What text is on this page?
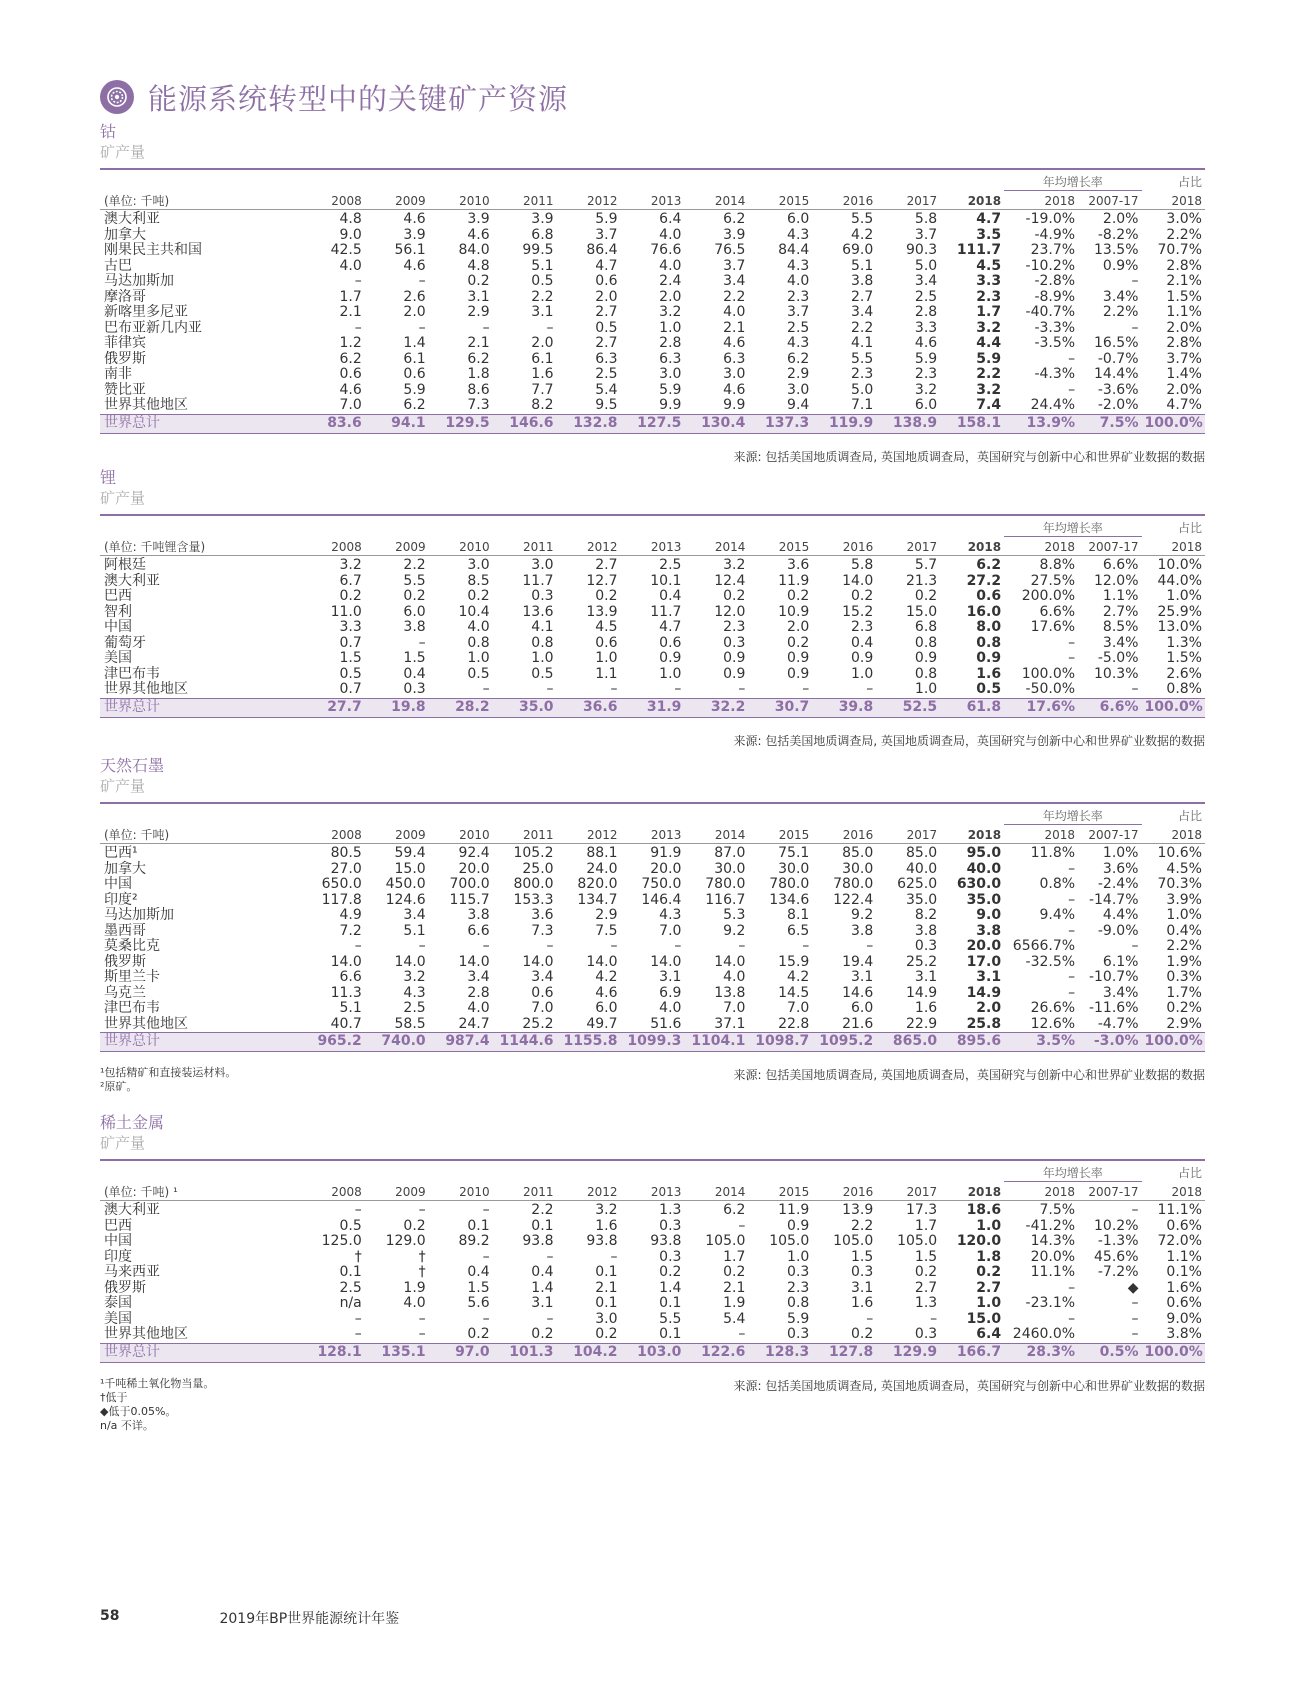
能源系统转型中的关键矿产资源
钴
矿产量
												年均增长率		占比
(单位: 千吨)	2008	2009	2010	2011	2012	2013	2014	2015	2016	2017	2018	2018	2007-17	2018
澳大利亚	4.8	4.6	3.9	3.9	5.9	6.4	6.2	6.0	5.5	5.8	4.7	-19.0%	2.0%	3.0%
加拿大	9.0	3.9	4.6	6.8	3.7	4.0	3.9	4.3	4.2	3.7	3.5	-4.9%	-8.2%	2.2%
刚果民主共和国	42.5	56.1	84.0	99.5	86.4	76.6	76.5	84.4	69.0	90.3	111.7	23.7%	13.5%	70.7%
古巴	4.0	4.6	4.8	5.1	4.7	4.0	3.7	4.3	5.1	5.0	4.5	-10.2%	0.9%	2.8%
马达加斯加	–	–	0.2	0.5	0.6	2.4	3.4	4.0	3.8	3.4	3.3	-2.8%	–	2.1%
摩洛哥	1.7	2.6	3.1	2.2	2.0	2.0	2.2	2.3	2.7	2.5	2.3	-8.9%	3.4%	1.5%
新喀里多尼亚	2.1	2.0	2.9	3.1	2.7	3.2	4.0	3.7	3.4	2.8	1.7	-40.7%	2.2%	1.1%
巴布亚新几内亚	–	–	–	–	0.5	1.0	2.1	2.5	2.2	3.3	3.2	-3.3%	–	2.0%
菲律宾	1.2	1.4	2.1	2.0	2.7	2.8	4.6	4.3	4.1	4.6	4.4	-3.5%	16.5%	2.8%
俄罗斯	6.2	6.1	6.2	6.1	6.3	6.3	6.3	6.2	5.5	5.9	5.9	–	-0.7%	3.7%
南非	0.6	0.6	1.8	1.6	2.5	3.0	3.0	2.9	2.3	2.3	2.2	-4.3%	14.4%	1.4%
赞比亚	4.6	5.9	8.6	7.7	5.4	5.9	4.6	3.0	5.0	3.2	3.2	–	-3.6%	2.0%
世界其他地区	7.0	6.2	7.3	8.2	9.5	9.9	9.9	9.4	7.1	6.0	7.4	24.4%	-2.0%	4.7%
世界总计	83.6	94.1	129.5	146.6	132.8	127.5	130.4	137.3	119.9	138.9	158.1	13.9%	7.5%	100.0%
来源: 包括美国地质调查局, 英国地质调查局，英国研究与创新中心和世界矿业数据的数据
锂
矿产量
												年均增长率		占比
(单位: 千吨锂含量)	2008	2009	2010	2011	2012	2013	2014	2015	2016	2017	2018	2018	2007-17	2018
阿根廷	3.2	2.2	3.0	3.0	2.7	2.5	3.2	3.6	5.8	5.7	6.2	8.8%	6.6%	10.0%
澳大利亚	6.7	5.5	8.5	11.7	12.7	10.1	12.4	11.9	14.0	21.3	27.2	27.5%	12.0%	44.0%
巴西	0.2	0.2	0.2	0.3	0.2	0.4	0.2	0.2	0.2	0.2	0.6	200.0%	1.1%	1.0%
智利	11.0	6.0	10.4	13.6	13.9	11.7	12.0	10.9	15.2	15.0	16.0	6.6%	2.7%	25.9%
中国	3.3	3.8	4.0	4.1	4.5	4.7	2.3	2.0	2.3	6.8	8.0	17.6%	8.5%	13.0%
葡萄牙	0.7	–	0.8	0.8	0.6	0.6	0.3	0.2	0.4	0.8	0.8	–	3.4%	1.3%
美国	1.5	1.5	1.0	1.0	1.0	0.9	0.9	0.9	0.9	0.9	0.9	–	-5.0%	1.5%
津巴布韦	0.5	0.4	0.5	0.5	1.1	1.0	0.9	0.9	1.0	0.8	1.6	100.0%	10.3%	2.6%
世界其他地区	0.7	0.3	–	–	–	–	–	–	–	1.0	0.5	-50.0%	–	0.8%
世界总计	27.7	19.8	28.2	35.0	36.6	31.9	32.2	30.7	39.8	52.5	61.8	17.6%	6.6%	100.0%
来源: 包括美国地质调查局, 英国地质调查局，英国研究与创新中心和世界矿业数据的数据
天然石墨
矿产量
												年均增长率		占比
(单位: 千吨)	2008	2009	2010	2011	2012	2013	2014	2015	2016	2017	2018	2018	2007-17	2018
巴西¹	80.5	59.4	92.4	105.2	88.1	91.9	87.0	75.1	85.0	85.0	95.0	11.8%	1.0%	10.6%
加拿大	27.0	15.0	20.0	25.0	24.0	20.0	30.0	30.0	30.0	40.0	40.0	–	3.6%	4.5%
中国	650.0	450.0	700.0	800.0	820.0	750.0	780.0	780.0	780.0	625.0	630.0	0.8%	-2.4%	70.3%
印度²	117.8	124.6	115.7	153.3	134.7	146.4	116.7	134.6	122.4	35.0	35.0	–	-14.7%	3.9%
马达加斯加	4.9	3.4	3.8	3.6	2.9	4.3	5.3	8.1	9.2	8.2	9.0	9.4%	4.4%	1.0%
墨西哥	7.2	5.1	6.6	7.3	7.5	7.0	9.2	6.5	3.8	3.8	3.8	–	-9.0%	0.4%
莫桑比克	–	–	–	–	–	–	–	–	–	0.3	20.0	6566.7%	–	2.2%
俄罗斯	14.0	14.0	14.0	14.0	14.0	14.0	14.0	15.9	19.4	25.2	17.0	-32.5%	6.1%	1.9%
斯里兰卡	6.6	3.2	3.4	3.4	4.2	3.1	4.0	4.2	3.1	3.1	3.1	–	-10.7%	0.3%
乌克兰	11.3	4.3	2.8	0.6	4.6	6.9	13.8	14.5	14.6	14.9	14.9	–	3.4%	1.7%
津巴布韦	5.1	2.5	4.0	7.0	6.0	4.0	7.0	7.0	6.0	1.6	2.0	26.6%	-11.6%	0.2%
世界其他地区	40.7	58.5	24.7	25.2	49.7	51.6	37.1	22.8	21.6	22.9	25.8	12.6%	-4.7%	2.9%
世界总计	965.2	740.0	987.4	1144.6	1155.8	1099.3	1104.1	1098.7	1095.2	865.0	895.6	3.5%	-3.0%	100.0%
来源: 包括美国地质调查局, 英国地质调查局，英国研究与创新中心和世界矿业数据的数据
¹包括精矿和直接装运材料。
²原矿。
稀土金属
矿产量
												年均增长率		占比
(单位: 千吨) ¹	2008	2009	2010	2011	2012	2013	2014	2015	2016	2017	2018	2018	2007-17	2018
澳大利亚	–	–	–	2.2	3.2	1.3	6.2	11.9	13.9	17.3	18.6	7.5%	–	11.1%
巴西	0.5	0.2	0.1	0.1	1.6	0.3	–	0.9	2.2	1.7	1.0	-41.2%	10.2%	0.6%
中国	125.0	129.0	89.2	93.8	93.8	93.8	105.0	105.0	105.0	105.0	120.0	14.3%	-1.3%	72.0%
印度	†	†	–	–	–	0.3	1.7	1.0	1.5	1.5	1.8	20.0%	45.6%	1.1%
马来西亚	0.1	†	0.4	0.4	0.1	0.2	0.2	0.3	0.3	0.2	0.2	11.1%	-7.2%	0.1%
俄罗斯	2.5	1.9	1.5	1.4	2.1	1.4	2.1	2.3	3.1	2.7	2.7	–	◆	1.6%
泰国	n/a	4.0	5.6	3.1	0.1	0.1	1.9	0.8	1.6	1.3	1.0	-23.1%	–	0.6%
美国	–	–	–	–	3.0	5.5	5.4	5.9	–	–	15.0	–	–	9.0%
世界其他地区	–	–	0.2	0.2	0.2	0.1	–	0.3	0.2	0.3	6.4	2460.0%	–	3.8%
世界总计	128.1	135.1	97.0	101.3	104.2	103.0	122.6	128.3	127.8	129.9	166.7	28.3%	0.5%	100.0%
来源: 包括美国地质调查局, 英国地质调查局，英国研究与创新中心和世界矿业数据的数据
¹千吨稀土氧化物当量。
†低于
◆低于0.05%。
n/a 不详。
58	2019年BP世界能源统计年鉴
